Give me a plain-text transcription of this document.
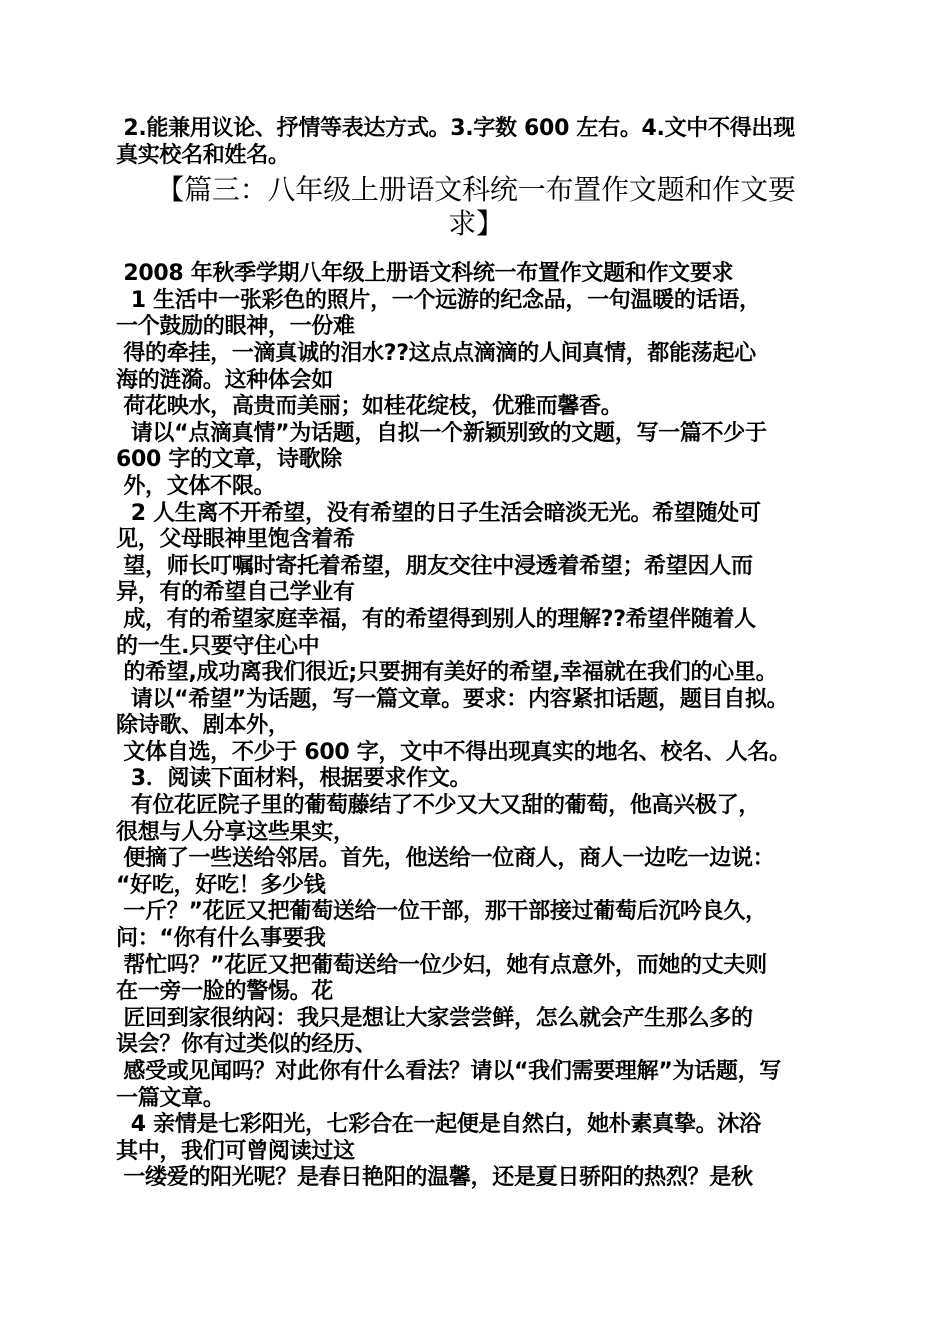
2.能兼用议论、抒情等表达方式。3.字数 600 左右。4.文中不得出现
真实校名和姓名。
【篇三：八年级上册语文科统一布置作文题和作文要
求】
2008 年秋季学期八年级上册语文科统一布置作文题和作文要求
1 生活中一张彩色的照片，一个远游的纪念品，一句温暖的话语，
一个鼓励的眼神，一份难
得的牵挂，一滴真诚的泪水??这点点滴滴的人间真情，都能荡起心
海的涟漪。这种体会如
荷花映水，高贵而美丽；如桂花绽枝，优雅而馨香。
请以“点滴真情”为话题，自拟一个新颖别致的文题，写一篇不少于
600 字的文章，诗歌除
外，文体不限。
2 人生离不开希望，没有希望的日子生活会暗淡无光。希望随处可
见，父母眼神里饱含着希
望，师长叮嘱时寄托着希望，朋友交往中浸透着希望；希望因人而
异，有的希望自己学业有
成，有的希望家庭幸福，有的希望得到别人的理解??希望伴随着人
的一生.只要守住心中
的希望,成功离我们很近;只要拥有美好的希望,幸福就在我们的心里。
请以“希望”为话题，写一篇文章。要求：内容紧扣话题，题目自拟。
除诗歌、剧本外，
文体自选，不少于 600 字，文中不得出现真实的地名、校名、人名。
3．阅读下面材料，根据要求作文。
有位花匠院子里的葡萄藤结了不少又大又甜的葡萄，他高兴极了，
很想与人分享这些果实，
便摘了一些送给邻居。首先，他送给一位商人，商人一边吃一边说：
“好吃，好吃！多少钱
一斤？”花匠又把葡萄送给一位干部，那干部接过葡萄后沉吟良久，
问：“你有什么事要我
帮忙吗？”花匠又把葡萄送给一位少妇，她有点意外，而她的丈夫则
在一旁一脸的警惕。花
匠回到家很纳闷：我只是想让大家尝尝鲜，怎么就会产生那么多的
误会？你有过类似的经历、
感受或见闻吗？对此你有什么看法？请以“我们需要理解”为话题，写
一篇文章。
4 亲情是七彩阳光，七彩合在一起便是自然白，她朴素真挚。沐浴
其中，我们可曾阅读过这
一缕爱的阳光呢？是春日艳阳的温馨，还是夏日骄阳的热烈？是秋
